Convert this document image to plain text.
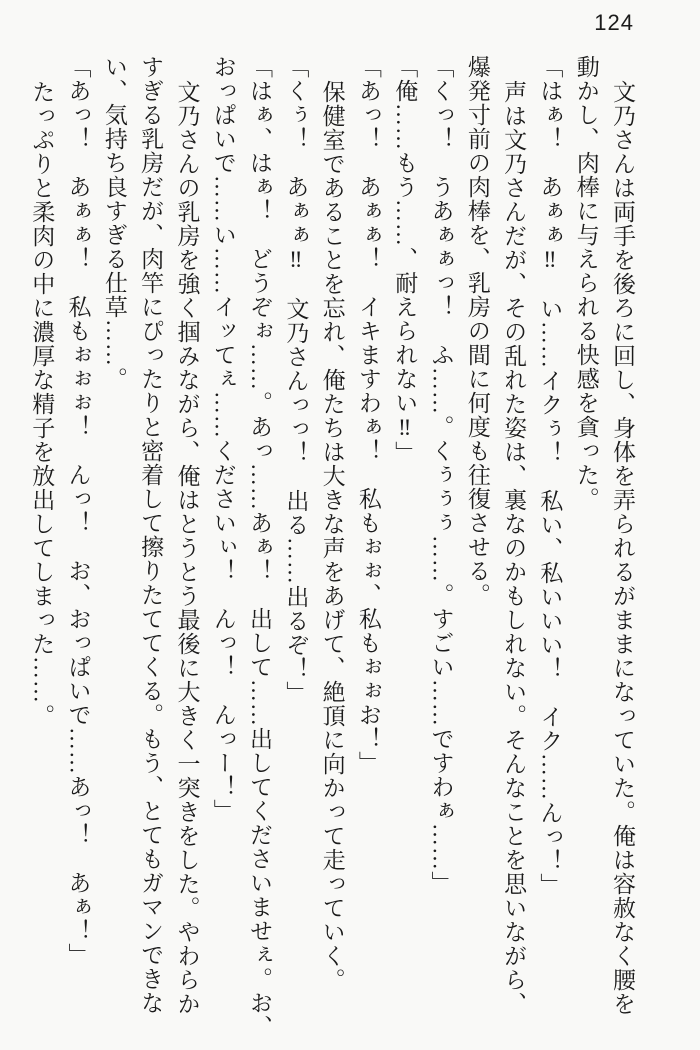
124
文乃さんは両手を後ろに回し、身体を弄られるがままになっていた。俺は容赦なく腰を
動かし、肉棒に与えられる快感を貪った。
「はぁ！　あぁぁ‼　い……イクぅ！　私い、私いいい！　イク……んっ！」
声は文乃さんだが、その乱れた姿は、裏なのかもしれない。そんなことを思いながら、
爆発寸前の肉棒を、乳房の間に何度も往復させる。
「くっ！　うあぁぁっ！　ふ……。くぅぅぅ……。すごい……ですわぁ……」
「俺……もう……、耐えられない‼」
「あっ！　あぁぁ！　イキますわぁ！　私もぉぉ、私もぉぉお！」
保健室であることを忘れ、俺たちは大きな声をあげて、絶頂に向かって走っていく。
「くぅ！　あぁぁ‼　文乃さんっっ！　出る……出るぞ！」
「はぁ、はぁ！　どうぞぉ……。あっ……あぁ！　出して……出してくださいませぇ。お、
おっぱいで……い……イッてぇ……くださいぃ！　んっ！　んっー！」
文乃さんの乳房を強く掴みながら、俺はとうとう最後に大きく一突きをした。やわらか
すぎる乳房だが、肉竿にぴったりと密着して擦りたててくる。もう、とてもガマンできな
い、気持ち良すぎる仕草……。
「あっ！　あぁぁ！　私もぉぉぉ！　んっ！　お、おっぱいで……あっ！　あぁ！」
たっぷりと柔肉の中に濃厚な精子を放出してしまった……。
